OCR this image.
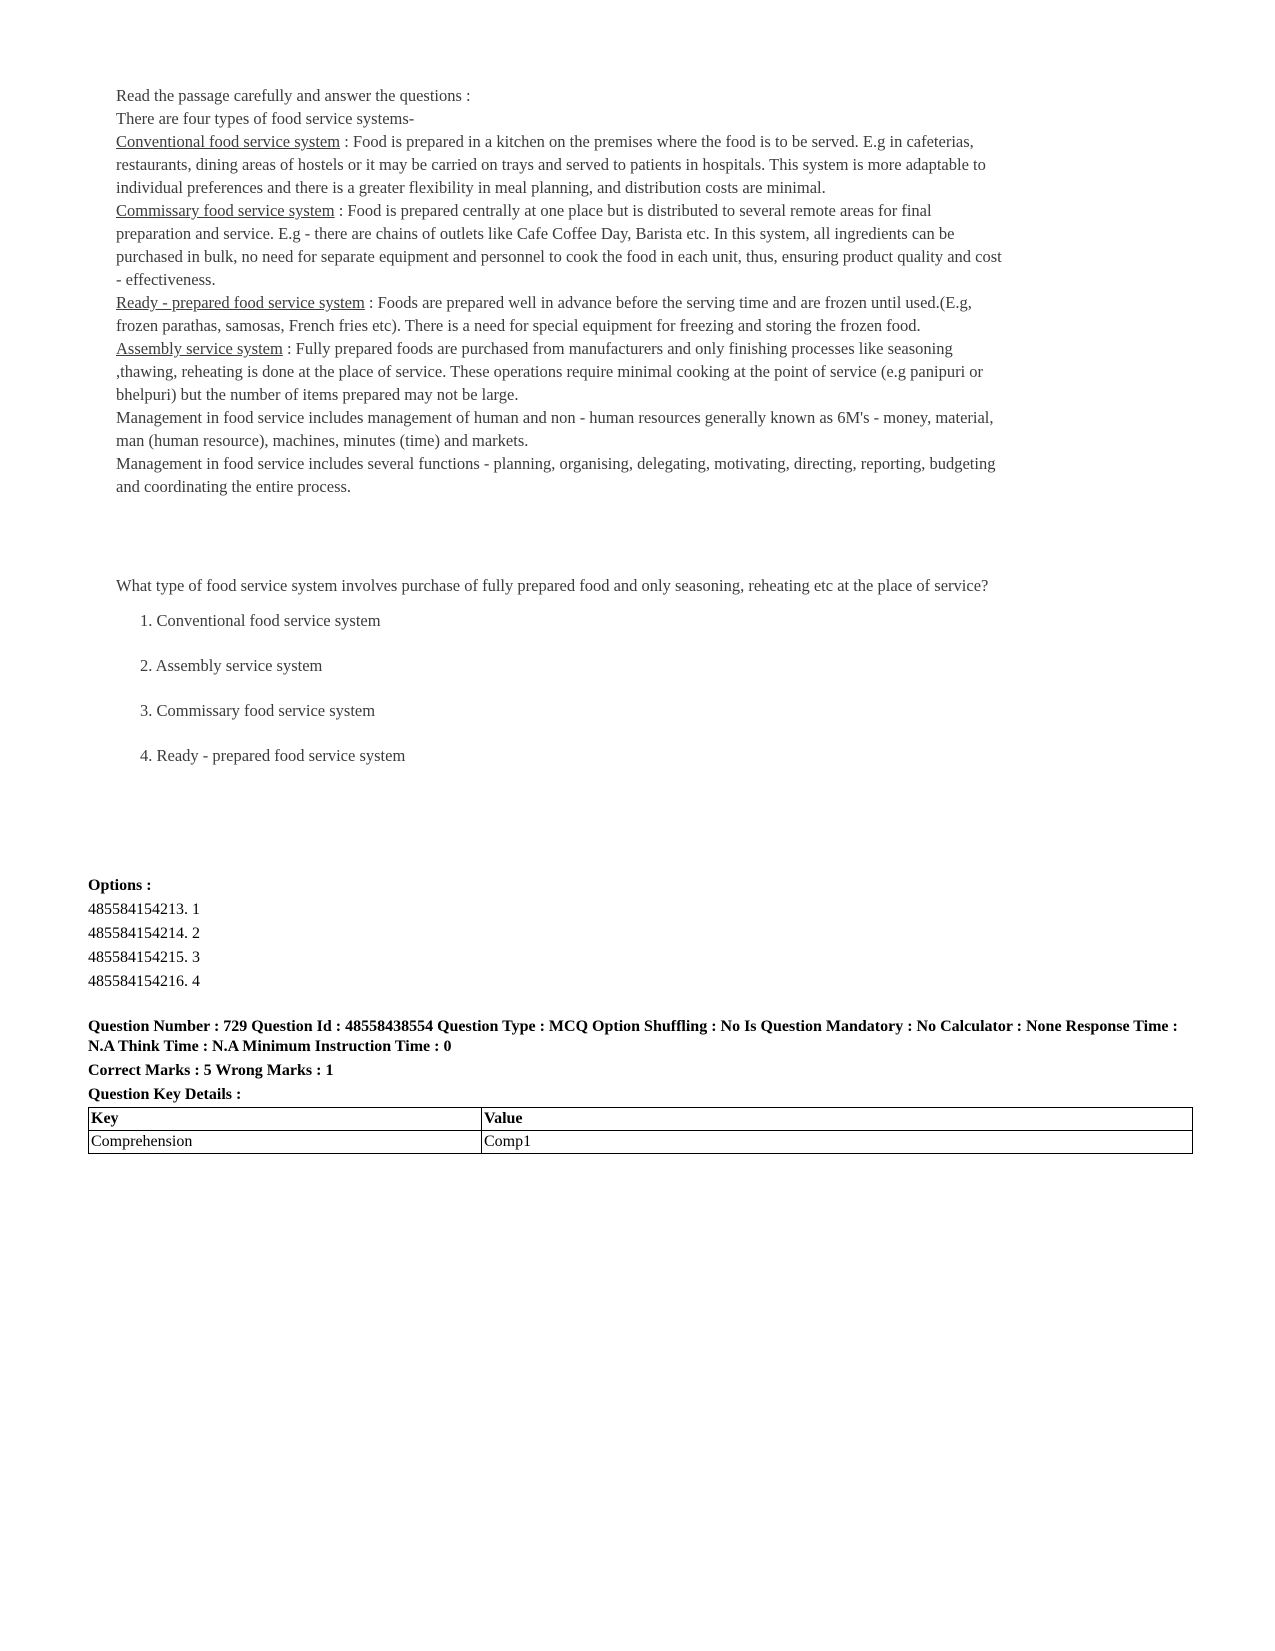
Read the passage carefully and answer the questions :

There are four types of food service systems-

Conventional food service system : Food is prepared in a kitchen on the premises where the food is to be served. E.g in cafeterias, restaurants, dining areas of hostels or it may be carried on trays and served to patients in hospitals. This system is more adaptable to individual preferences and there is a greater flexibility in meal planning, and distribution costs are minimal.

Commissary food service system : Food is prepared centrally at one place but is distributed to several remote areas for final preparation and service. E.g - there are chains of outlets like Cafe Coffee Day, Barista etc. In this system, all ingredients can be purchased in bulk, no need for separate equipment and personnel to cook the food in each unit, thus, ensuring product quality and cost - effectiveness.

Ready - prepared food service system : Foods are prepared well in advance before the serving time and are frozen until used.(E.g, frozen parathas, samosas, French fries etc). There is a need for special equipment for freezing and storing the frozen food.

Assembly service system : Fully prepared foods are purchased from manufacturers and only finishing processes like seasoning ,thawing, reheating is done at the place of service. These operations require minimal cooking at the point of service (e.g panipuri or bhelpuri) but the number of items prepared may not be large.

Management in food service includes management of human and non - human resources generally known as 6M's - money, material, man (human resource), machines, minutes (time) and markets.

Management in food service includes several functions - planning, organising, delegating, motivating, directing, reporting, budgeting and coordinating the entire process.

What type of food service system involves purchase of fully prepared food and only seasoning, reheating etc at the place of service?

1. Conventional food service system
2. Assembly service system
3. Commissary food service system
4. Ready - prepared food service system
Options :
485584154213. 1
485584154214. 2
485584154215. 3
485584154216. 4
Question Number : 729 Question Id : 48558438554 Question Type : MCQ Option Shuffling : No Is Question Mandatory : No Calculator : None Response Time : N.A Think Time : N.A Minimum Instruction Time : 0
Correct Marks : 5 Wrong Marks : 1
Question Key Details :
Key	Value
Comprehension	Comp1
